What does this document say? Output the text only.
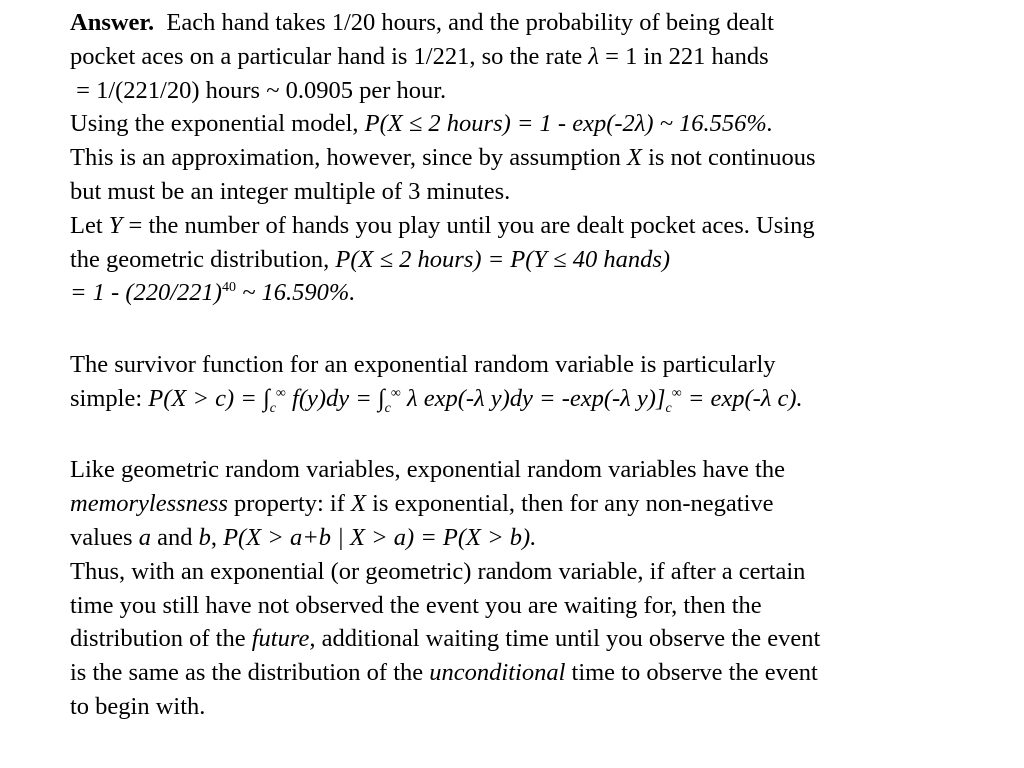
Answer.  Each hand takes 1/20 hours, and the probability of being dealt
pocket aces on a particular hand is 1/221, so the rate λ = 1 in 221 hands
= 1/(221/20) hours ~ 0.0905 per hour.
Using the exponential model, P(X ≤ 2 hours) = 1 - exp(-2λ) ~ 16.556%.
This is an approximation, however, since by assumption X is not continuous
but must be an integer multiple of 3 minutes.
Let Y = the number of hands you play until you are dealt pocket aces. Using
the geometric distribution, P(X ≤ 2 hours) = P(Y ≤ 40 hands)
= $1 - (220/221)^{40}$ ~ 16.590%.
The survivor function for an exponential random variable is particularly
simple: $P(X > c) = \int_c^\infty$ $f(y)dy = \int_c^\infty$ λ exp(-λ y)dy = -exp(-λ $y)]_c^\infty = \exp(-\lambda$ c).
Like geometric random variables, exponential random variables have the
memorylessness property: if X is exponential, then for any non-negative
values a and b, P(X > a+b | X > a) = P(X > b).
Thus, with an exponential (or geometric) random variable, if after a certain
time you still have not observed the event you are waiting for, then the
distribution of the future, additional waiting time until you observe the event
is the same as the distribution of the unconditional time to observe the event
to begin with.
